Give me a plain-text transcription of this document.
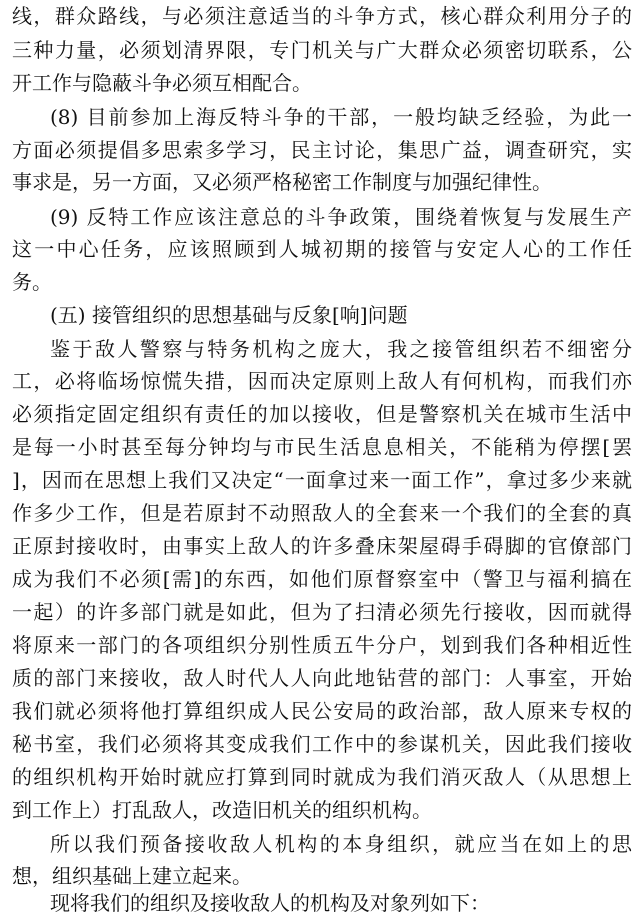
线，群众路线，与必须注意适当的斗争方式，核心群众利用分子的
三种力量，必须划清界限，专门机关与广大群众必须密切联系，公
开工作与隐蔽斗争必须互相配合。
(8) 目前参加上海反特斗争的干部，一般均缺乏经验，为此一
方面必须提倡多思索多学习，民主讨论，集思广益，调查研究，实
事求是，另一方面，又必须严格秘密工作制度与加强纪律性。
(9) 反特工作应该注意总的斗争政策，围绕着恢复与发展生产
这一中心任务，应该照顾到人城初期的接管与安定人心的工作任
务。
(五) 接管组织的思想基础与反象[响]问题
鉴于敌人警察与特务机构之庞大，我之接管组织若不细密分
工，必将临场惊慌失措，因而决定原则上敌人有何机构，而我们亦
必须指定固定组织有责任的加以接收，但是警察机关在城市生活中
是每一小时甚至每分钟均与市民生活息息相关，不能稍为停摆[罢
]，因而在思想上我们又决定“一面拿过来一面工作”，拿过多少来就
作多少工作，但是若原封不动照敌人的全套来一个我们的全套的真
正原封接收时，由事实上敌人的许多叠床架屋碍手碍脚的官僚部门
成为我们不必须[需]的东西，如他们原督察室中（警卫与福利搞在
一起）的许多部门就是如此，但为了扫清必须先行接收，因而就得
将原来一部门的各项组织分别性质五牛分户，划到我们各种相近性
质的部门来接收，敌人时代人人向此地钻营的部门：人事室，开始
我们就必须将他打算组织成人民公安局的政治部，敌人原来专权的
秘书室，我们必须将其变成我们工作中的参谋机关，因此我们接收
的组织机构开始时就应打算到同时就成为我们消灭敌人（从思想上
到工作上）打乱敌人，改造旧机关的组织机构。
所以我们预备接收敌人机构的本身组织，就应当在如上的思
想，组织基础上建立起来。
现将我们的组织及接收敌人的机构及对象列如下：
